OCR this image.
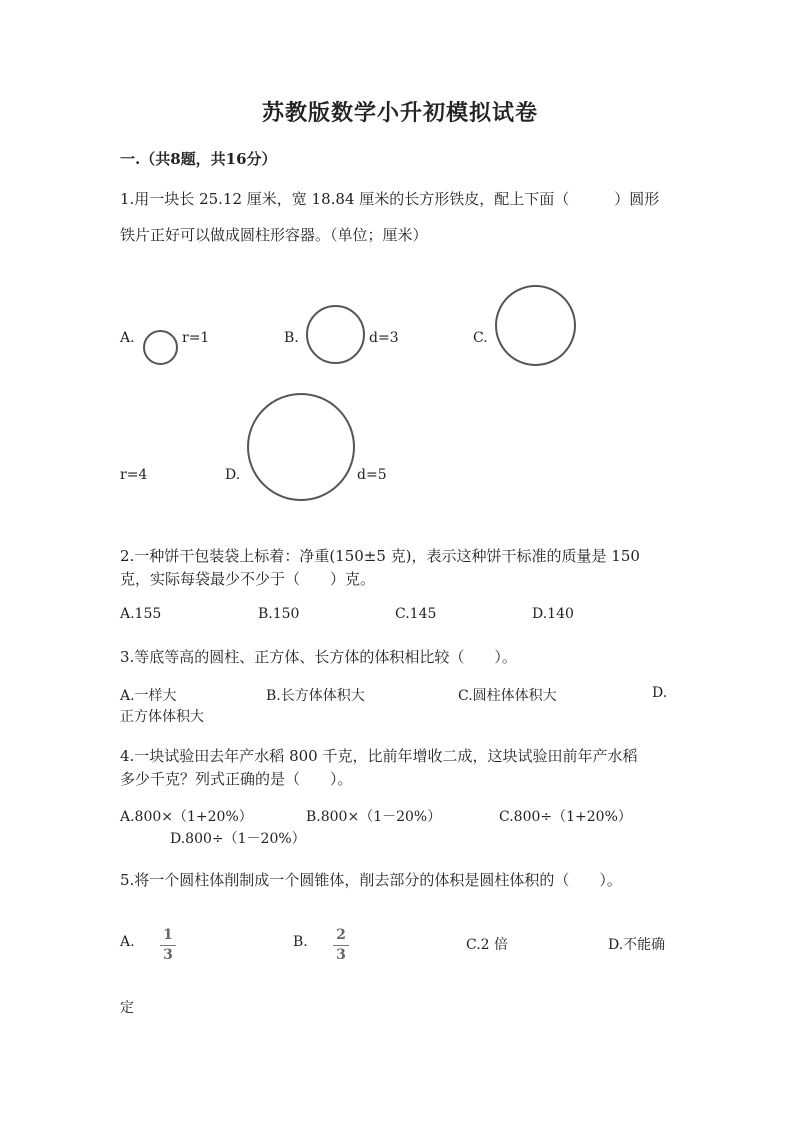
苏教版数学小升初模拟试卷
一.（共8题，共16分）
1.用一块长 25.12 厘米，宽 18.84 厘米的长方形铁皮，配上下面（　　　）圆形
铁片正好可以做成圆柱形容器。（单位；厘米）
A.	r=1	B.	d=3	C.
r=4	D.	d=5
2.一种饼干包装袋上标着：净重(150±5 克)，表示这种饼干标准的质量是 150
克，实际每袋最少不少于（　　）克。
A.155	B.150	C.145	D.140
3.等底等高的圆柱、正方体、长方体的体积相比较（　　）。
A.一样大	B.长方体体积大	C.圆柱体体积大	D.
正方体体积大
4.一块试验田去年产水稻 800 千克，比前年增收二成，这块试验田前年产水稻
多少千克？列式正确的是（　　）。
A.800×（1+20%）	B.800×（1－20%）	C.800÷（1+20%）
D.800÷（1－20%）
5.将一个圆柱体削制成一个圆锥体，削去部分的体积是圆柱体积的（　　）。
A. 1
3
B. 2
3
C.2 倍	D.不能确
定
